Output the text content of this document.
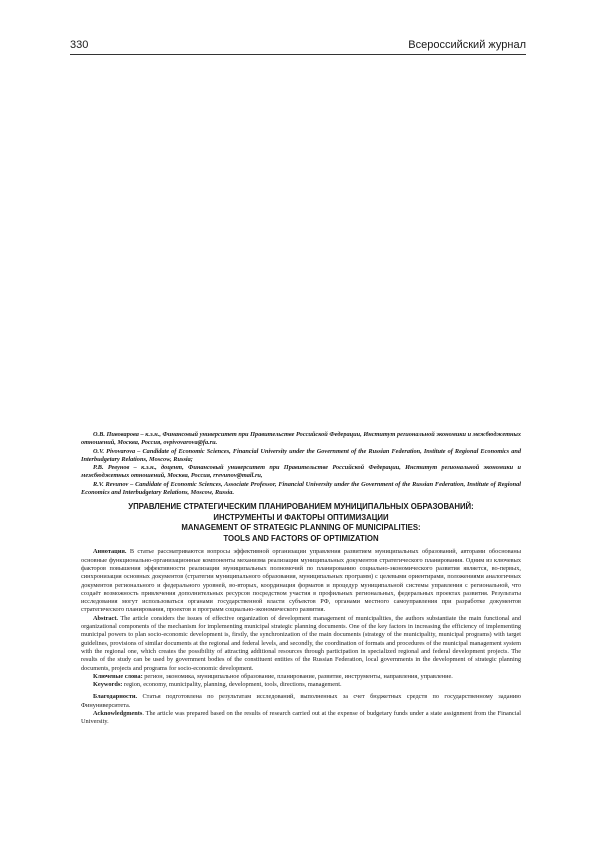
330	Всероссийский журнал

О.В. Пивоварова – к.э.н., Финансовый университет при Правительстве Российской Федерации, Институт региональной экономики и межбюджетных отношений, Москва, Россия, ovpivovarova@fa.ru.

O.V. Pivovarova – Candidate of Economic Sciences, Financial University under the Government of the Russian Federation, Institute of Regional Economics and Interbudgetary Relations, Moscow, Russia;

Р.В. Ревунов – к.э.н., доцент, Финансовый университет при Правительстве Российской Федерации, Институт региональной экономики и межбюджетных отношений, Москва, Россия, rrevunov@mail.ru,

R.V. Revunov – Candidate of Economic Sciences, Associate Professor, Financial University under the Government of the Russian Federation, Institute of Regional Economics and Interbudgetary Relations, Moscow, Russia.

УПРАВЛЕНИЕ СТРАТЕГИЧЕСКИМ ПЛАНИРОВАНИЕМ МУНИЦИПАЛЬНЫХ ОБРАЗОВАНИЙ:
ИНСТРУМЕНТЫ И ФАКТОРЫ ОПТИМИЗАЦИИ
MANAGEMENT OF STRATEGIC PLANNING OF MUNICIPALITIES:
TOOLS AND FACTORS OF OPTIMIZATION

Аннотация. В статье рассматриваются вопросы эффективной организации управления развитием муниципальных образований, авторами обоснованы основные функционально-организационные компоненты механизма реализации муниципальных документов стратегического планирования. Одним из ключевых факторов повышения эффективности реализации муниципальных полномочий по планированию социально-экономического развития является, во-первых, синхронизация основных документов (стратегии муниципального образования, муниципальных программ) с целевыми ориентирами, положениями аналогичных документов регионального и федерального уровней, во-вторых, координация форматов и процедур муниципальной системы управления с региональной, что создаёт возможность привлечения дополнительных ресурсов посредством участия в профильных региональных, федеральных проектах развития. Результаты исследования могут использоваться органами государственной власти субъектов РФ, органами местного самоуправления при разработке документов стратегического планирования, проектов и программ социально-экономического развития.

Abstract. The article considers the issues of effective organization of development management of municipalities, the authors substantiate the main functional and organizational components of the mechanism for implementing municipal strategic planning documents. One of the key factors in increasing the efficiency of implementing municipal powers to plan socio-economic development is, firstly, the synchronization of the main documents (strategy of the municipality, municipal programs) with target guidelines, provisions of similar documents at the regional and federal levels, and secondly, the coordination of formats and procedures of the municipal management system with the regional one, which creates the possibility of attracting additional resources through participation in specialized regional and federal development projects. The results of the study can be used by government bodies of the constituent entities of the Russian Federation, local governments in the development of strategic planning documents, projects and programs for socio-economic development.

Ключевые слова: регион, экономика, муниципальное образование, планирование, развитие, инструменты, направления, управление.

Keywords: region, economy, municipality, planning, development, tools, directions, management.

Благодарности. Статья подготовлена по результатам исследований, выполненных за счет бюджетных средств по государственному заданию Финуниверситета.

Acknowledgments. The article was prepared based on the results of research carried out at the expense of budgetary funds under a state assignment from the Financial University.
